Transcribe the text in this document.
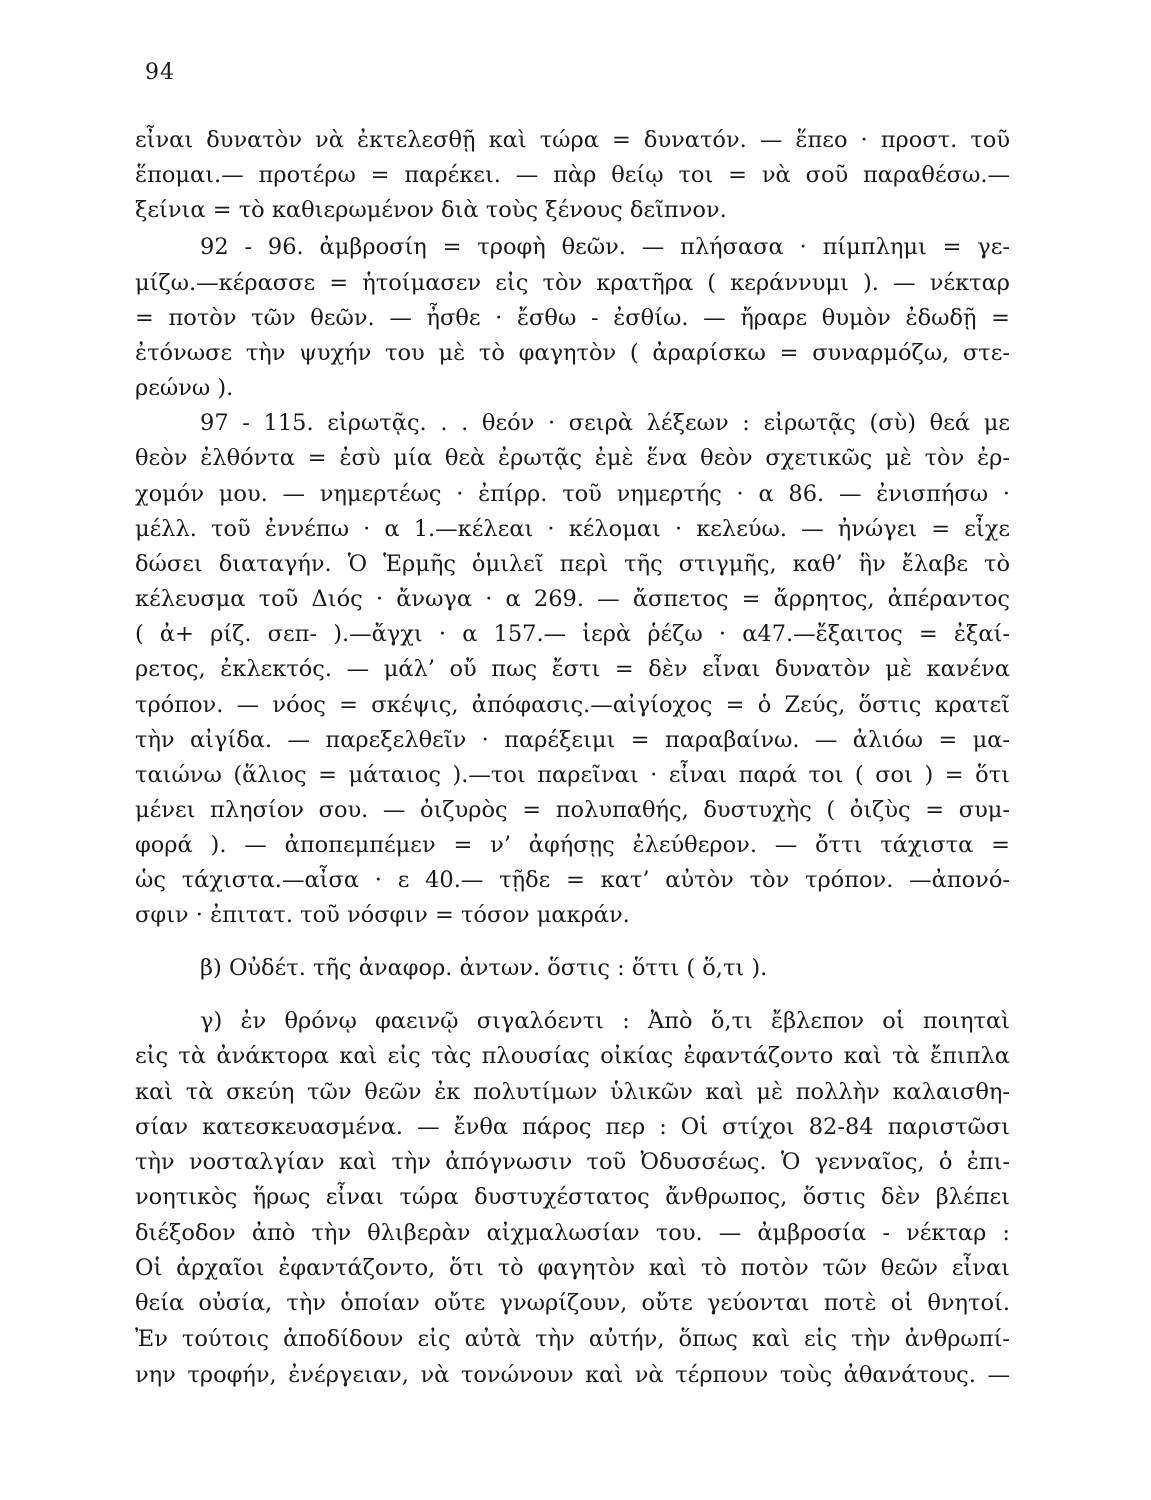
94
εἶναι δυνατὸν νὰ ἐκτελεσθῇ καὶ τώρα = δυνατόν. — ἕπεο · προστ. τοῦ
ἕπομαι.— προτέρω = παρέκει. — πὰρ θείῳ τοι = νὰ σοῦ παραθέσω.—
ξείνια = τὸ καθιερωμένον διὰ τοὺς ξένους δεῖπνον.
92 - 96. ἀμβροσίη = τροφὴ θεῶν. — πλήσασα · πίμπλημι = γε-
μίζω.—κέρασσε = ἡτοίμασεν εἰς τὸν κρατῆρα ( κεράννυμι ). — νέκταρ
= ποτὸν τῶν θεῶν. — ἦσθε · ἔσθω - ἐσθίω. — ἤραρε θυμὸν ἐδωδῇ =
ἐτόνωσε τὴν ψυχήν του μὲ τὸ φαγητὸν ( ἀραρίσκω = συναρμόζω, στε-
ρεώνω ).
97 - 115. εἰρωτᾷς. . . θεόν · σειρὰ λέξεων : εἰρωτᾷς (σὺ) θεά με
θεὸν ἐλθόντα = ἐσὺ μία θεὰ ἐρωτᾷς ἐμὲ ἕνα θεὸν σχετικῶς μὲ τὸν ἐρ-
χομόν μου. — νημερτέως · ἐπίρρ. τοῦ νημερτής · α 86. — ἐνισπήσω ·
μέλλ. τοῦ ἐννέπω · α 1.—κέλεαι · κέλομαι · κελεύω. — ἠνώγει = εἶχε
δώσει διαταγήν. Ὁ Ἑρμῆς ὁμιλεῖ περὶ τῆς στιγμῆς, καθ’ ἣν ἔλαβε τὸ
κέλευσμα τοῦ Διός · ἄνωγα · α 269. — ἄσπετος = ἄρρητος, ἀπέραντος
( ἀ+ ρίζ. σεπ- ).—ἄγχι · α 157.— ἱερὰ ῥέζω · α47.—ἔξαιτος = ἐξαί-
ρετος, ἐκλεκτός. — μάλ’ οὔ πως ἔστι = δὲν εἶναι δυνατὸν μὲ κανένα
τρόπον. — νόος = σκέψις, ἀπόφασις.—αἰγίοχος = ὁ Ζεύς, ὅστις κρατεῖ
τὴν αἰγίδα. — παρεξελθεῖν · παρέξειμι = παραβαίνω. — ἀλιόω = μα-
ταιώνω (ἅλιος = μάταιος ).—τοι παρεῖναι · εἶναι παρά τοι ( σοι ) = ὅτι
μένει πλησίον σου. — ὀιζυρὸς = πολυπαθής, δυστυχὴς ( ὀιζὺς = συμ-
φορά ). — ἀποπεμπέμεν = ν’ ἀφήσῃς ἐλεύθερον. — ὄττι τάχιστα =
ὡς τάχιστα.—αἶσα · ε 40.— τῇδε = κατ’ αὐτὸν τὸν τρόπον. —ἀπονό-
σφιν · ἐπιτατ. τοῦ νόσφιν = τόσον μακράν.
β) Οὐδέτ. τῆς ἀναφορ. ἀντων. ὅστις : ὅττι ( ὅ,τι ).
γ) ἐν θρόνῳ φαεινῷ σιγαλόεντι : Ἀπὸ ὅ,τι ἔβλεπον οἱ ποιηταὶ
εἰς τὰ ἀνάκτορα καὶ εἰς τὰς πλουσίας οἰκίας ἐφαντάζοντο καὶ τὰ ἔπιπλα
καὶ τὰ σκεύη τῶν θεῶν ἐκ πολυτίμων ὑλικῶν καὶ μὲ πολλὴν καλαισθη-
σίαν κατεσκευασμένα. — ἔνθα πάρος περ : Οἱ στίχοι 82-84 παριστῶσι
τὴν νοσταλγίαν καὶ τὴν ἀπόγνωσιν τοῦ Ὀδυσσέως. Ὁ γενναῖος, ὁ ἐπι-
νοητικὸς ἥρως εἶναι τώρα δυστυχέστατος ἄνθρωπος, ὅστις δὲν βλέπει
διέξοδον ἀπὸ τὴν θλιβερὰν αἰχμαλωσίαν του. — ἀμβροσία - νέκταρ :
Οἱ ἀρχαῖοι ἐφαντάζοντο, ὅτι τὸ φαγητὸν καὶ τὸ ποτὸν τῶν θεῶν εἶναι
θεία οὐσία, τὴν ὁποίαν οὔτε γνωρίζουν, οὔτε γεύονται ποτὲ οἱ θνητοί.
Ἐν τούτοις ἀποδίδουν εἰς αὐτὰ τὴν αὐτήν, ὅπως καὶ εἰς τὴν ἀνθρωπί-
νην τροφήν, ἐνέργειαν, νὰ τονώνουν καὶ νὰ τέρπουν τοὺς ἀθανάτους. —
